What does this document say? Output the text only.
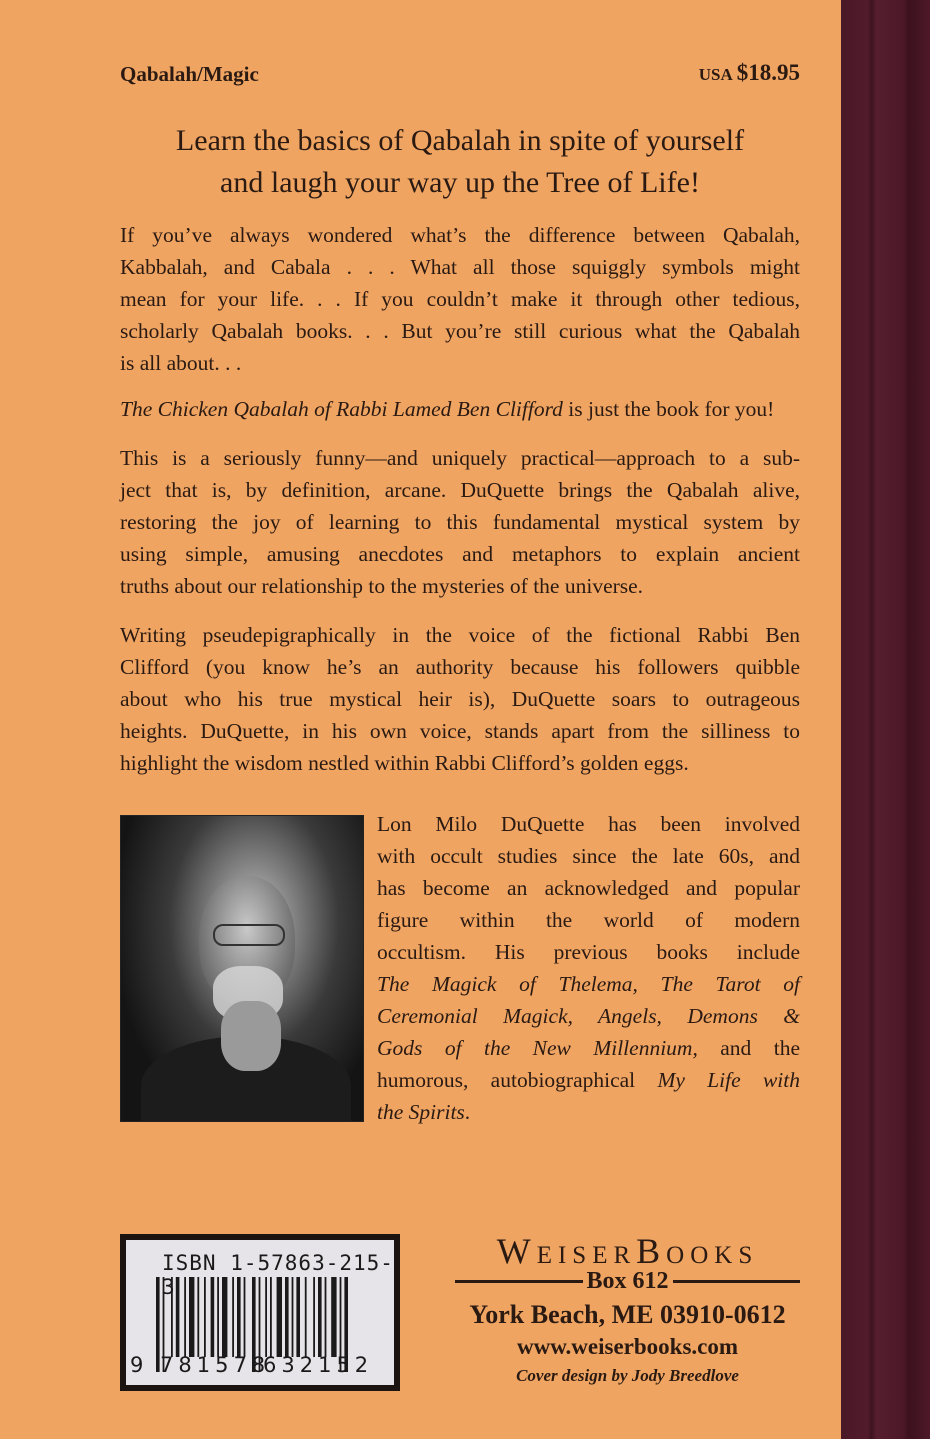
Qabalah/Magic	USA $18.95
Learn the basics of Qabalah in spite of yourself
and laugh your way up the Tree of Life!
If you’ve always wondered what’s the difference between Qabalah,
Kabbalah, and Cabala . . . What all those squiggly symbols might
mean for your life. . . If you couldn’t make it through other tedious,
scholarly Qabalah books. . . But you’re still curious what the Qabalah
is all about. . .
The Chicken Qabalah of Rabbi Lamed Ben Clifford is just the book for you!
This is a seriously funny—and uniquely practical—approach to a sub-
ject that is, by definition, arcane. DuQuette brings the Qabalah alive,
restoring the joy of learning to this fundamental mystical system by
using simple, amusing anecdotes and metaphors to explain ancient
truths about our relationship to the mysteries of the universe.
Writing pseudepigraphically in the voice of the fictional Rabbi Ben
Clifford (you know he’s an authority because his followers quibble
about who his true mystical heir is), DuQuette soars to outrageous
heights. DuQuette, in his own voice, stands apart from the silliness to
highlight the wisdom nestled within Rabbi Clifford’s golden eggs.
Lon Milo DuQuette has been involved
with occult studies since the late 60s, and
has become an acknowledged and popular
figure within the world of modern
occultism. His previous books include
The Magick of Thelema, The Tarot of
Ceremonial Magick, Angels, Demons &
Gods of the New Millennium, and the
humorous, autobiographical My Life with
the Spirits.
ISBN 1-57863-215-3
9 781578
632152
WeiserBooks
Box 612
York Beach, ME 03910-0612
www.weiserbooks.com
Cover design by Jody Breedlove
